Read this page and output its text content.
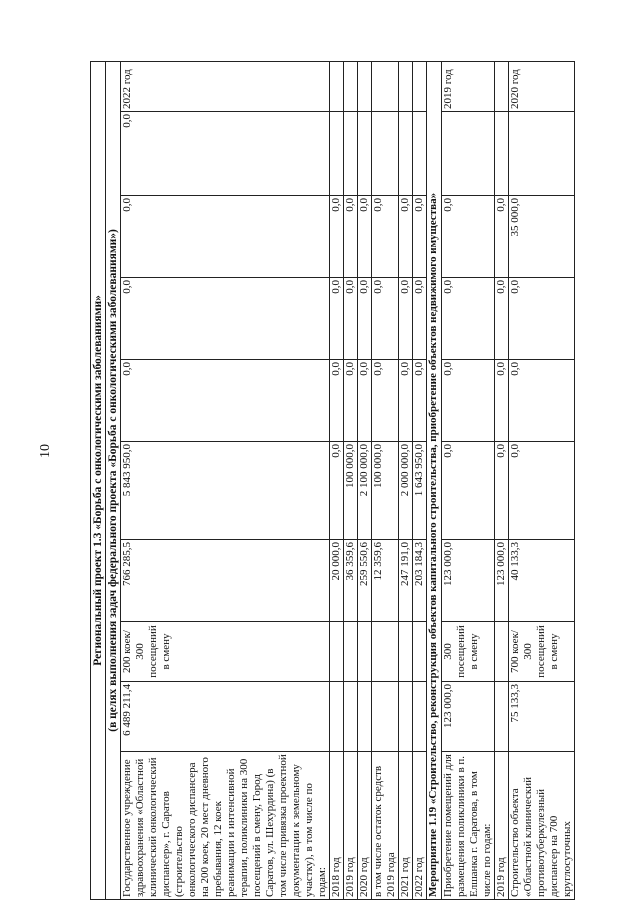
10	Региональный проект 1.3 «Борьба с онкологическими заболеваниями»									
(в целях выполнения задач федерального проекта «Борьба с онкологическими заболеваниями»)									
Государственное учреждение здравоохранения «Областной клинический онкологический диспансер», г. Саратов (строительство онкологического диспансера на 200 коек, 20 мест дневного пребывания, 12 коек реанимации и интенсивной терапии, поликлиники на 300 посещений в смену, Город Саратов, ул. Шехурдина) (в том числе привязка проектной документации к земельному участку), в том числе по годам:	6 489 211,4	200 коек/ 300 посещений в смену	766 285,5	5 843 950,0	0,0	0,0	0,0	0,0	2022 год
2018 год			20 000,0	0,0	0,0	0,0	0,0		
2019 год			36 359,6	100 000,0	0,0	0,0	0,0		
2020 год			259 550,6	2 100 000,0	0,0	0,0	0,0		
в том числе остаток средств 2019 года			12 359,6	100 000,0	0,0	0,0	0,0		
2021 год			247 191,0	2 000 000,0	0,0	0,0	0,0		
2022 год			203 184,3	1 643 950,0	0,0	0,0	0,0		
Мероприятие 1.19 «Строительство, реконструкция объектов капитального строительства, приобретение объектов недвижимого имущества»									
Приобретение помещений для размещения поликлиники в п. Елшанка г. Саратова, в том числе по годам:	123 000,0	300 посещений в смену	123 000,0	0,0	0,0	0,0	0,0		2019 год
2019 год			123 000,0	0,0	0,0	0,0	0,0		
Строительство объекта «Областной клинический противотуберкулезный диспансер на 700 круглосуточных	75 133,3	700 коек/ 300 посещений в смену	40 133,3	0,0	0,0	0,0	35 000,0		2020 год
